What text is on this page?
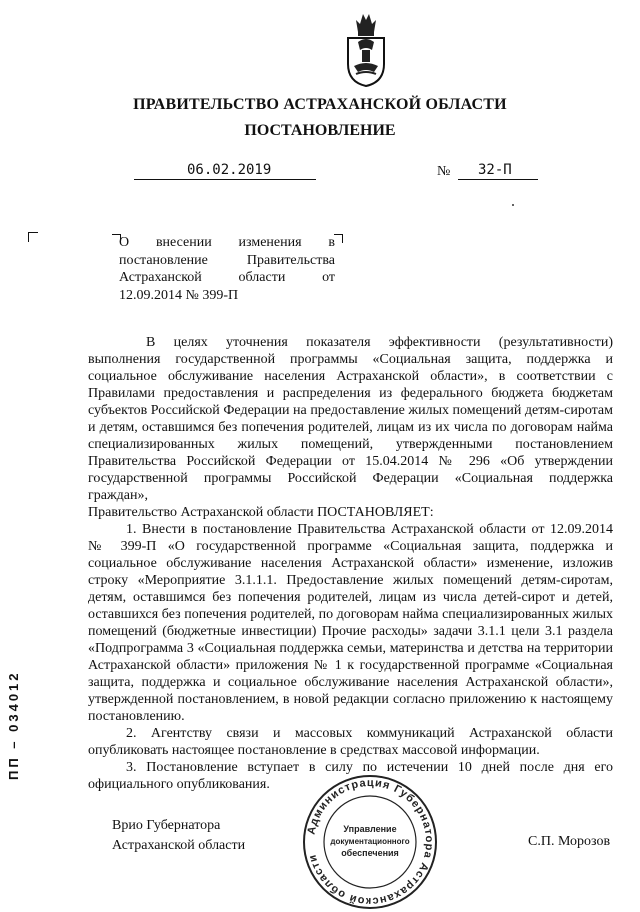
ПРАВИТЕЛЬСТВО АСТРАХАНСКОЙ ОБЛАСТИ
ПОСТАНОВЛЕНИЕ
06.02.2019	№ 32-П
О внесении изменения в постановление Правительства Астраханской области от 12.09.2014 № 399-П

В целях уточнения показателя эффективности (результативности) выполнения государственной программы «Социальная защита, поддержка и социальное обслуживание населения Астраханской области», в соответствии с Правилами предоставления и распределения из федерального бюджета бюджетам субъектов Российской Федерации на предоставление жилых помещений детям-сиротам и детям, оставшимся без попечения родителей, лицам из их числа по договорам найма специализированных жилых помещений, утвержденными постановлением Правительства Российской Федерации от 15.04.2014 № 296 «Об утверждении государственной программы Российской Федерации «Социальная поддержка граждан»,

Правительство Астраханской области ПОСТАНОВЛЯЕТ:

1. Внести в постановление Правительства Астраханской области от 12.09.2014 № 399-П «О государственной программе «Социальная защита, поддержка и социальное обслуживание населения Астраханской области» изменение, изложив строку «Мероприятие 3.1.1.1. Предоставление жилых помещений детям-сиротам, детям, оставшимся без попечения родителей, лицам из числа детей-сирот и детей, оставшихся без попечения родителей, по договорам найма специализированных жилых помещений (бюджетные инвестиции) Прочие расходы» задачи 3.1.1 цели 3.1 раздела «Подпрограмма 3 «Социальная поддержка семьи, материнства и детства на территории Астраханской области» приложения № 1 к государственной программе «Социальная защита, поддержка и социальное обслуживание населения Астраханской области», утвержденной постановлением, в новой редакции согласно приложению к настоящему постановлению.

2. Агентству связи и массовых коммуникаций Астраханской области опубликовать настоящее постановление в средствах массовой информации.

3. Постановление вступает в силу по истечении 10 дней после дня его официального опубликования.

Врио Губернатора
Астраханской области	С.П. Морозов
Администрация Губернатора Астраханской области
Управление
документационного
обеспечения
ПП – 034012
